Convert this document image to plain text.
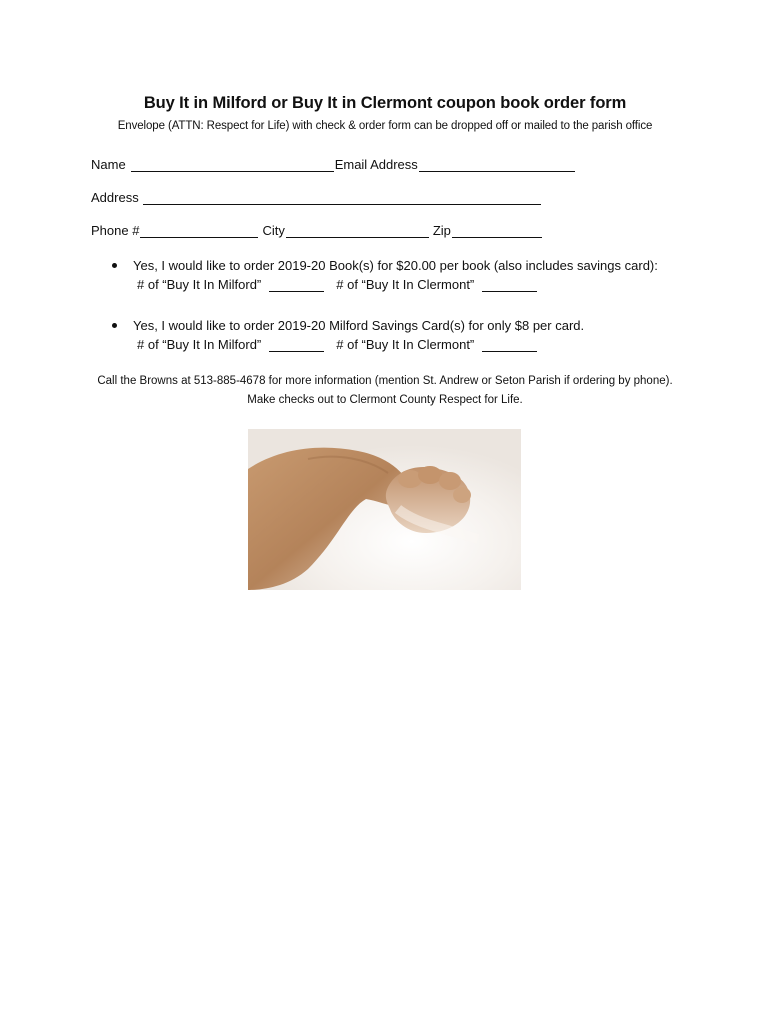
Buy It in Milford or Buy It in Clermont coupon book order form
Envelope (ATTN: Respect for Life) with check & order form can be dropped off or mailed to the parish office
Name	Email Address
Address
Phone #	City	Zip
Yes, I would like to order 2019-20 Book(s) for $20.00 per book (also includes savings card):
# of “Buy It In Milford”	# of “Buy It In Clermont”
Yes, I would like to order 2019-20 Milford Savings Card(s) for only $8 per card.
# of “Buy It In Milford”	# of “Buy It In Clermont”
Call the Browns at 513-885-4678 for more information (mention St. Andrew or Seton Parish if ordering by phone).
Make checks out to Clermont County Respect for Life.
